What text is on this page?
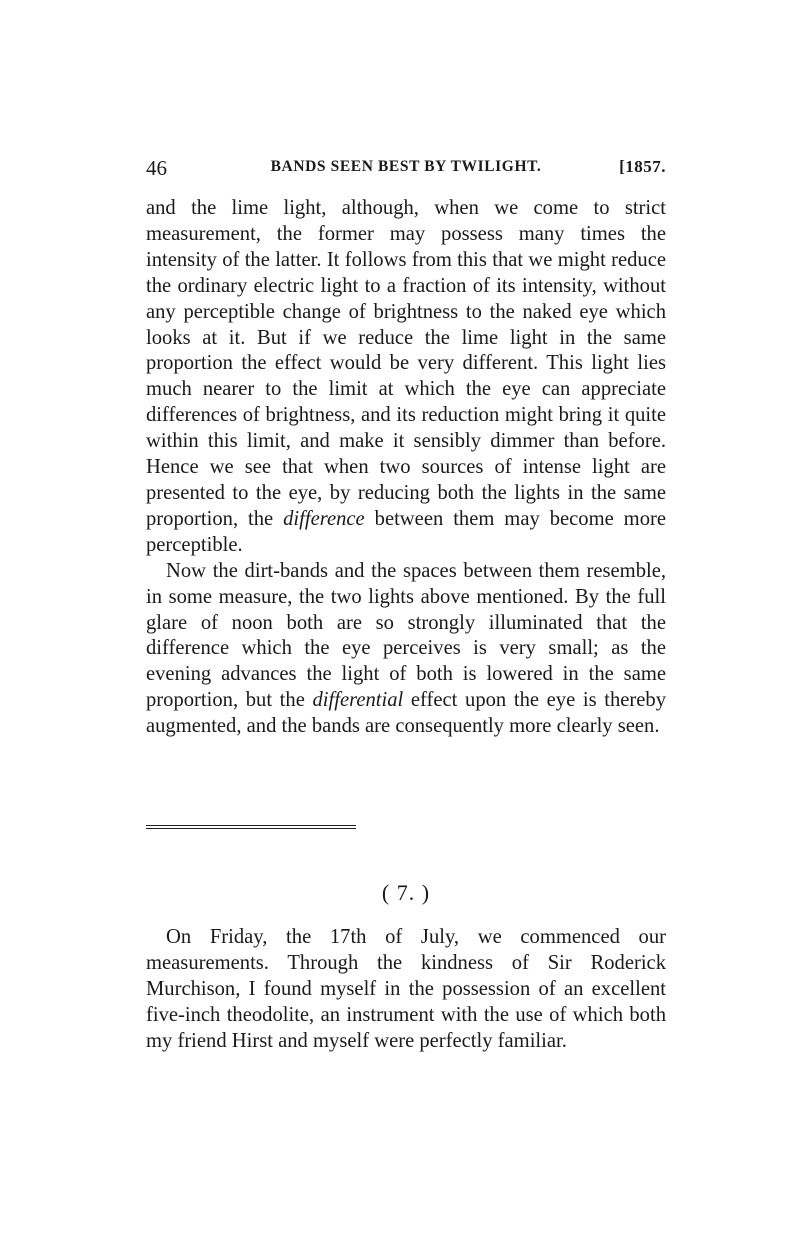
46	BANDS SEEN BEST BY TWILIGHT.	[1857.

and the lime light, although, when we come to strict measurement, the former may possess many times the intensity of the latter. It follows from this that we might reduce the ordinary electric light to a fraction of its intensity, without any perceptible change of brightness to the naked eye which looks at it. But if we reduce the lime light in the same proportion the effect would be very different. This light lies much nearer to the limit at which the eye can appreciate differences of brightness, and its reduction might bring it quite within this limit, and make it sensibly dimmer than before. Hence we see that when two sources of intense light are presented to the eye, by reducing both the lights in the same proportion, the difference between them may become more perceptible.

Now the dirt-bands and the spaces between them resemble, in some measure, the two lights above mentioned. By the full glare of noon both are so strongly illuminated that the difference which the eye perceives is very small; as the evening advances the light of both is lowered in the same proportion, but the differential effect upon the eye is thereby augmented, and the bands are consequently more clearly seen.

( 7. )

On Friday, the 17th of July, we commenced our measurements. Through the kindness of Sir Roderick Murchison, I found myself in the possession of an excellent five-inch theodolite, an instrument with the use of which both my friend Hirst and myself were perfectly familiar.
